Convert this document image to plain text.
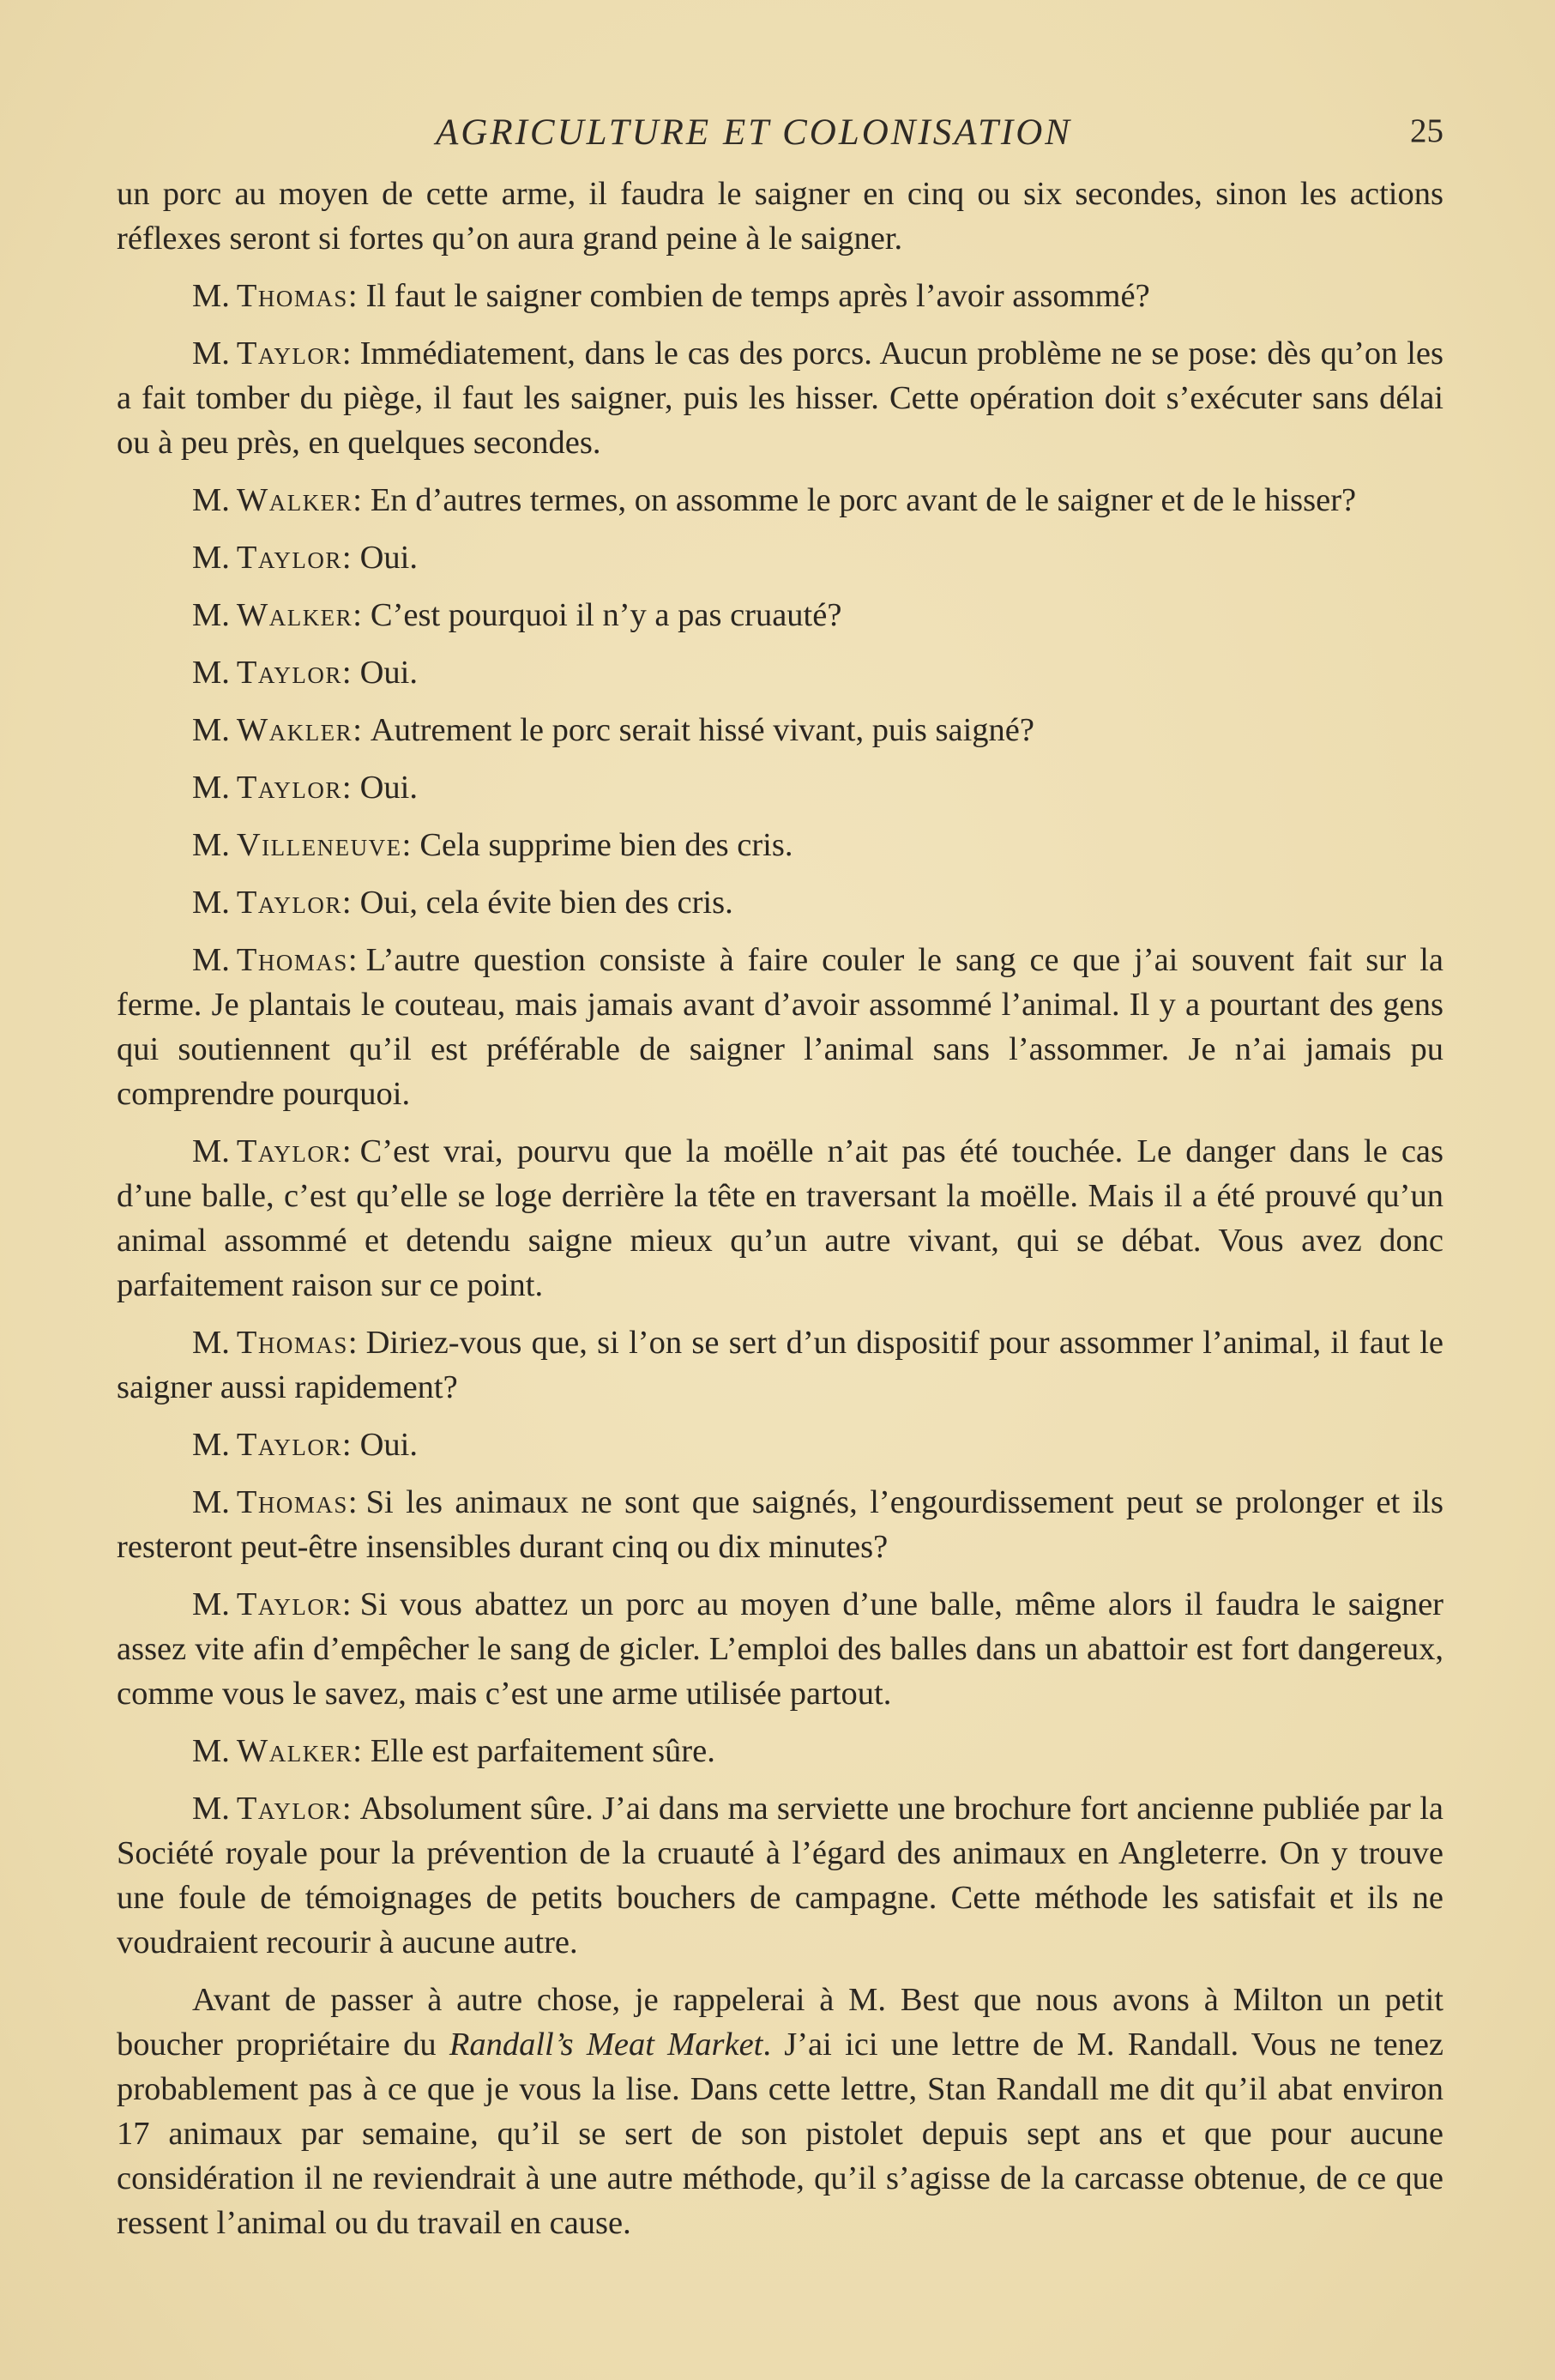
AGRICULTURE ET COLONISATION	25

un porc au moyen de cette arme, il faudra le saigner en cinq ou six secondes, sinon les actions réflexes seront si fortes qu’on aura grand peine à le saigner.

M. Thomas: Il faut le saigner combien de temps après l’avoir assommé?

M. Taylor: Immédiatement, dans le cas des porcs. Aucun problème ne se pose: dès qu’on les a fait tomber du piège, il faut les saigner, puis les hisser. Cette opération doit s’exécuter sans délai ou à peu près, en quelques secondes.

M. Walker: En d’autres termes, on assomme le porc avant de le saigner et de le hisser?

M. Taylor: Oui.

M. Walker: C’est pourquoi il n’y a pas cruauté?

M. Taylor: Oui.

M. Wakler: Autrement le porc serait hissé vivant, puis saigné?

M. Taylor: Oui.

M. Villeneuve: Cela supprime bien des cris.

M. Taylor: Oui, cela évite bien des cris.

M. Thomas: L’autre question consiste à faire couler le sang ce que j’ai souvent fait sur la ferme. Je plantais le couteau, mais jamais avant d’avoir assommé l’animal. Il y a pourtant des gens qui soutiennent qu’il est préférable de saigner l’animal sans l’assommer. Je n’ai jamais pu comprendre pourquoi.

M. Taylor: C’est vrai, pourvu que la moëlle n’ait pas été touchée. Le danger dans le cas d’une balle, c’est qu’elle se loge derrière la tête en traversant la moëlle. Mais il a été prouvé qu’un animal assommé et detendu saigne mieux qu’un autre vivant, qui se débat. Vous avez donc parfaitement raison sur ce point.

M. Thomas: Diriez-vous que, si l’on se sert d’un dispositif pour assommer l’animal, il faut le saigner aussi rapidement?

M. Taylor: Oui.

M. Thomas: Si les animaux ne sont que saignés, l’engourdissement peut se prolonger et ils resteront peut-être insensibles durant cinq ou dix minutes?

M. Taylor: Si vous abattez un porc au moyen d’une balle, même alors il faudra le saigner assez vite afin d’empêcher le sang de gicler. L’emploi des balles dans un abattoir est fort dangereux, comme vous le savez, mais c’est une arme utilisée partout.

M. Walker: Elle est parfaitement sûre.

M. Taylor: Absolument sûre. J’ai dans ma serviette une brochure fort ancienne publiée par la Société royale pour la prévention de la cruauté à l’égard des animaux en Angleterre. On y trouve une foule de témoignages de petits bouchers de campagne. Cette méthode les satisfait et ils ne voudraient recourir à aucune autre.

Avant de passer à autre chose, je rappelerai à M. Best que nous avons à Milton un petit boucher propriétaire du Randall’s Meat Market. J’ai ici une lettre de M. Randall. Vous ne tenez probablement pas à ce que je vous la lise. Dans cette lettre, Stan Randall me dit qu’il abat environ 17 animaux par semaine, qu’il se sert de son pistolet depuis sept ans et que pour aucune considération il ne reviendrait à une autre méthode, qu’il s’agisse de la carcasse obtenue, de ce que ressent l’animal ou du travail en cause.
